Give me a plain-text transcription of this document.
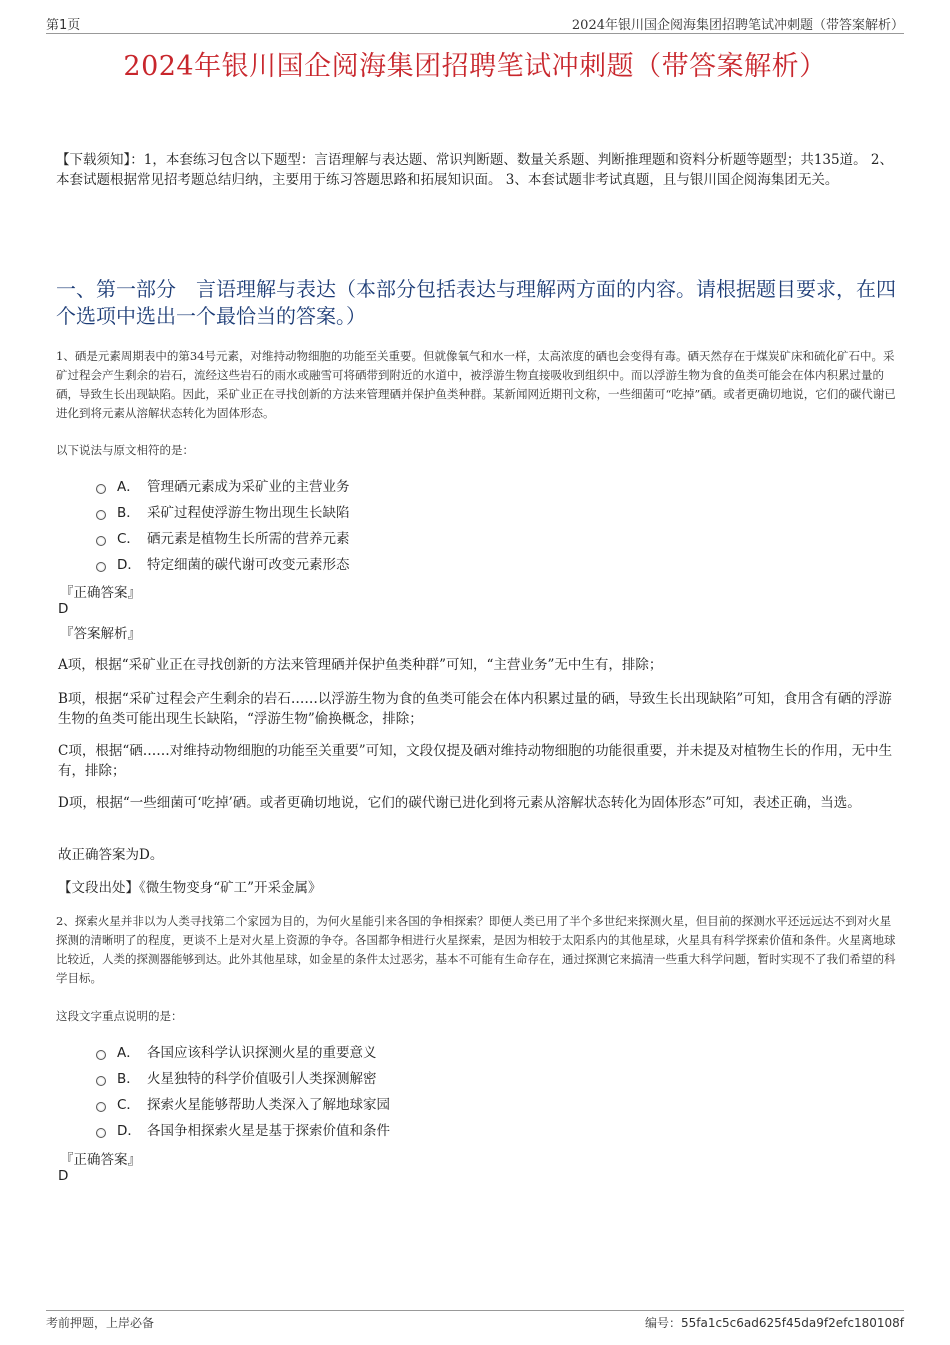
第1页	2024年银川国企阅海集团招聘笔试冲刺题（带答案解析）
2024年银川国企阅海集团招聘笔试冲刺题（带答案解析）
【下载须知】：1，本套练习包含以下题型：言语理解与表达题、常识判断题、数量关系题、判断推理题和资料分析题等题型；共135道。 2、本套试题根据常见招考题总结归纳，主要用于练习答题思路和拓展知识面。 3、本套试题非考试真题，且与银川国企阅海集团无关。
一、第一部分　言语理解与表达（本部分包括表达与理解两方面的内容。请根据题目要求，在四个选项中选出一个最恰当的答案。）
1、硒是元素周期表中的第34号元素，对维持动物细胞的功能至关重要。但就像氧气和水一样，太高浓度的硒也会变得有毒。硒天然存在于煤炭矿床和硫化矿石中。采矿过程会产生剩余的岩石，流经这些岩石的雨水或融雪可将硒带到附近的水道中，被浮游生物直接吸收到组织中。而以浮游生物为食的鱼类可能会在体内积累过量的硒，导致生长出现缺陷。因此，采矿业正在寻找创新的方法来管理硒并保护鱼类种群。某新闻网近期刊文称，一些细菌可“吃掉”硒。或者更确切地说，它们的碳代谢已进化到将元素从溶解状态转化为固体形态。
以下说法与原文相符的是：
A． 管理硒元素成为采矿业的主营业务
B． 采矿过程使浮游生物出现生长缺陷
C． 硒元素是植物生长所需的营养元素
D． 特定细菌的碳代谢可改变元素形态
『正确答案』
D
『答案解析』
A项，根据“采矿业正在寻找创新的方法来管理硒并保护鱼类种群”可知，“主营业务”无中生有，排除；
B项，根据“采矿过程会产生剩余的岩石……以浮游生物为食的鱼类可能会在体内积累过量的硒，导致生长出现缺陷”可知，食用含有硒的浮游生物的鱼类可能出现生长缺陷，“浮游生物”偷换概念，排除；
C项，根据“硒……对维持动物细胞的功能至关重要”可知，文段仅提及硒对维持动物细胞的功能很重要，并未提及对植物生长的作用，无中生有，排除；
D项，根据“一些细菌可‘吃掉’硒。或者更确切地说，它们的碳代谢已进化到将元素从溶解状态转化为固体形态”可知，表述正确，当选。
故正确答案为D。
【文段出处】《微生物变身“矿工”开采金属》
2、探索火星并非以为人类寻找第二个家园为目的，为何火星能引来各国的争相探索？即便人类已用了半个多世纪来探测火星，但目前的探测水平还远远达不到对火星探测的清晰明了的程度，更谈不上是对火星上资源的争夺。各国都争相进行火星探索，是因为相较于太阳系内的其他星球，火星具有科学探索价值和条件。火星离地球比较近，人类的探测器能够到达。此外其他星球，如金星的条件太过恶劣，基本不可能有生命存在，通过探测它来搞清一些重大科学问题，暂时实现不了我们希望的科学目标。
这段文字重点说明的是：
A． 各国应该科学认识探测火星的重要意义
B． 火星独特的科学价值吸引人类探测解密
C． 探索火星能够帮助人类深入了解地球家园
D． 各国争相探索火星是基于探索价值和条件
『正确答案』
D
考前押题，上岸必备	编号：55fa1c5c6ad625f45da9f2efc180108f
